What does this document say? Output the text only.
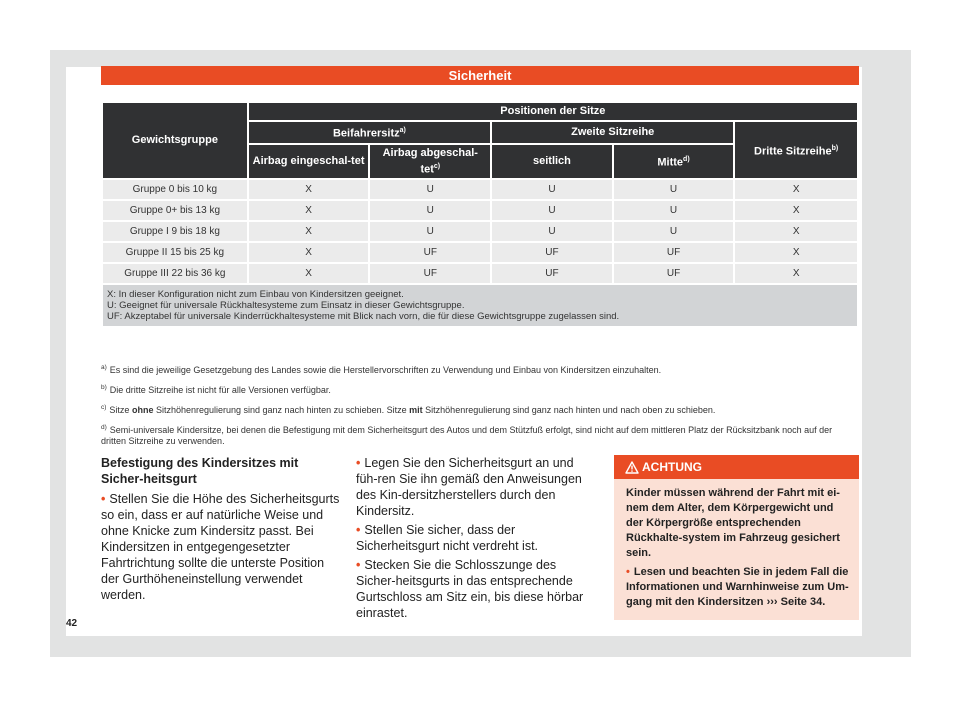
Sicherheit
Gewichtsgruppe	Positionen der Sitze				
	Beifahrersitz$^{a)}$		Zweite Sitzreihe		Dritte Sitzreihe$^{b)}$
	Airbag eingeschal-tet	Airbag abgeschal-tet$^{c)}$	seitlich	Mitte$^{d)}$
Gruppe 0 bis 10 kg	X	U	U	U	X
Gruppe 0+ bis 13 kg	X	U	U	U	X
Gruppe I 9 bis 18 kg	X	U	U	U	X
Gruppe II 15 bis 25 kg	X	UF	UF	UF	X
Gruppe III 22 bis 36 kg	X	UF	UF	UF	X

X: In dieser Konfiguration nicht zum Einbau von Kindersitzen geeignet.
U: Geeignet für universale Rückhaltesysteme zum Einsatz in dieser Gewichtsgruppe.
UF: Akzeptabel für universale Kinderrückhaltesysteme mit Blick nach vorn, die für diese Gewichtsgruppe zugelassen sind.					
$^{a)}$ Es sind die jeweilige Gesetzgebung des Landes sowie die Herstellervorschriften zu Verwendung und Einbau von Kindersitzen einzuhalten.
$^{b)}$ Die dritte Sitzreihe ist nicht für alle Versionen verfügbar.
$^{c)}$ Sitze ohne Sitzhöhenregulierung sind ganz nach hinten zu schieben. Sitze mit Sitzhöhenregulierung sind ganz nach hinten und nach oben zu schieben.
$^{d)}$ Semi-universale Kindersitze, bei denen die Befestigung mit dem Sicherheitsgurt des Autos und dem Stützfuß erfolgt, sind nicht auf dem mittleren Platz der Rücksitzbank noch auf der dritten Sitzreihe zu verwenden.
Befestigung des Kindersitzes mit Sicher-heitsgurt
• Stellen Sie die Höhe des Sicherheitsgurts so ein, dass er auf natürliche Weise und ohne Knicke zum Kindersitz passt. Bei Kindersitzen in entgegengesetzter Fahrtrichtung sollte die unterste Position der Gurthöheneinstellung verwendet werden.
• Legen Sie den Sicherheitsgurt an und füh-ren Sie ihn gemäß den Anweisungen des Kin-dersitzherstellers durch den Kindersitz.
• Stellen Sie sicher, dass der Sicherheitsgurt nicht verdreht ist.
• Stecken Sie die Schlosszunge des Sicher-heitsgurts in das entsprechende Gurtschloss am Sitz ein, bis diese hörbar einrastet.
ACHTUNG
Kinder müssen während der Fahrt mit ei-nem dem Alter, dem Körpergewicht und der Körpergröße entsprechenden Rückhalte-system im Fahrzeug gesichert sein.
• Lesen und beachten Sie in jedem Fall die Informationen und Warnhinweise zum Um-gang mit den Kindersitzen ››› Seite 34.
42
